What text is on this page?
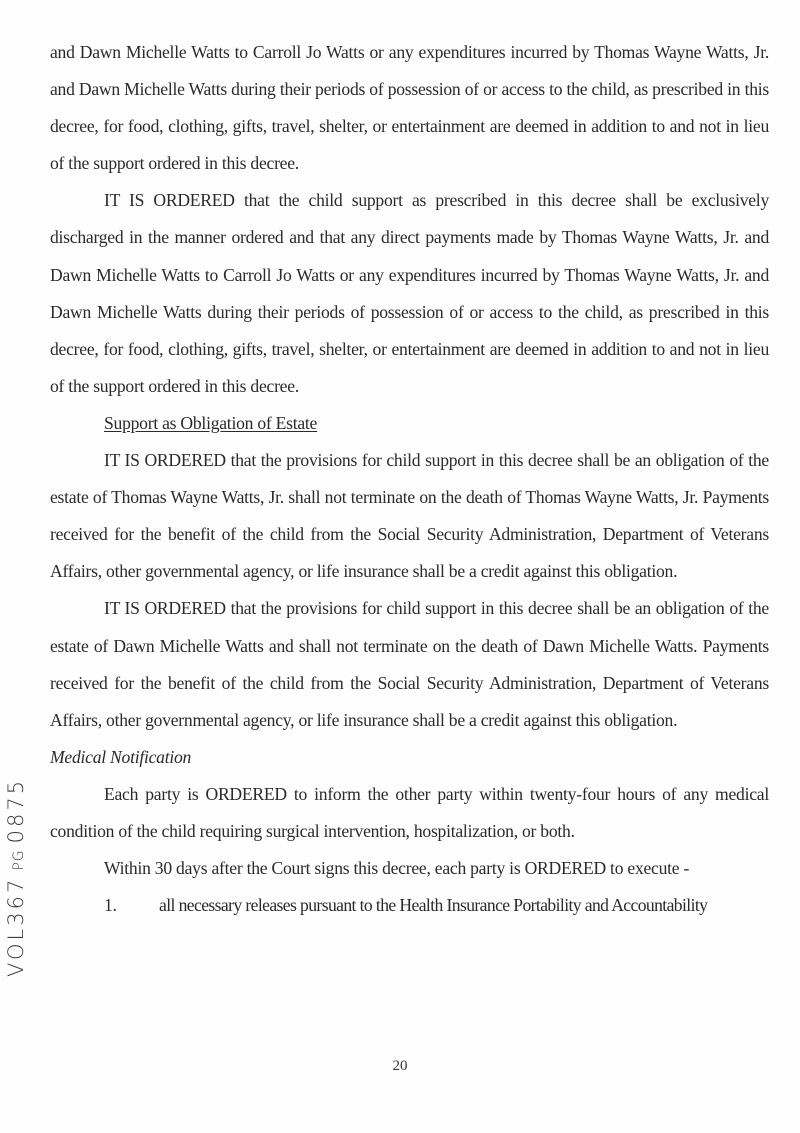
and Dawn Michelle Watts to Carroll Jo Watts or any expenditures incurred by Thomas Wayne Watts, Jr. and Dawn Michelle Watts during their periods of possession of or access to the child, as prescribed in this decree, for food, clothing, gifts, travel, shelter, or entertainment are deemed in addition to and not in lieu of the support ordered in this decree.

IT IS ORDERED that the child support as prescribed in this decree shall be exclusively discharged in the manner ordered and that any direct payments made by Thomas Wayne Watts, Jr. and Dawn Michelle Watts to Carroll Jo Watts or any expenditures incurred by Thomas Wayne Watts, Jr. and Dawn Michelle Watts during their periods of possession of or access to the child, as prescribed in this decree, for food, clothing, gifts, travel, shelter, or entertainment are deemed in addition to and not in lieu of the support ordered in this decree.

Support as Obligation of Estate

IT IS ORDERED that the provisions for child support in this decree shall be an obligation of the estate of Thomas Wayne Watts, Jr. shall not terminate on the death of Thomas Wayne Watts, Jr. Payments received for the benefit of the child from the Social Security Administration, Department of Veterans Affairs, other governmental agency, or life insurance shall be a credit against this obligation.

IT IS ORDERED that the provisions for child support in this decree shall be an obligation of the estate of Dawn Michelle Watts and shall not terminate on the death of Dawn Michelle Watts. Payments received for the benefit of the child from the Social Security Administration, Department of Veterans Affairs, other governmental agency, or life insurance shall be a credit against this obligation.

Medical Notification

Each party is ORDERED to inform the other party within twenty-four hours of any medical condition of the child requiring surgical intervention, hospitalization, or both.

Within 30 days after the Court signs this decree, each party is ORDERED to execute -

1.	all necessary releases pursuant to the Health Insurance Portability and Accountability
20
VOL367PG0875
